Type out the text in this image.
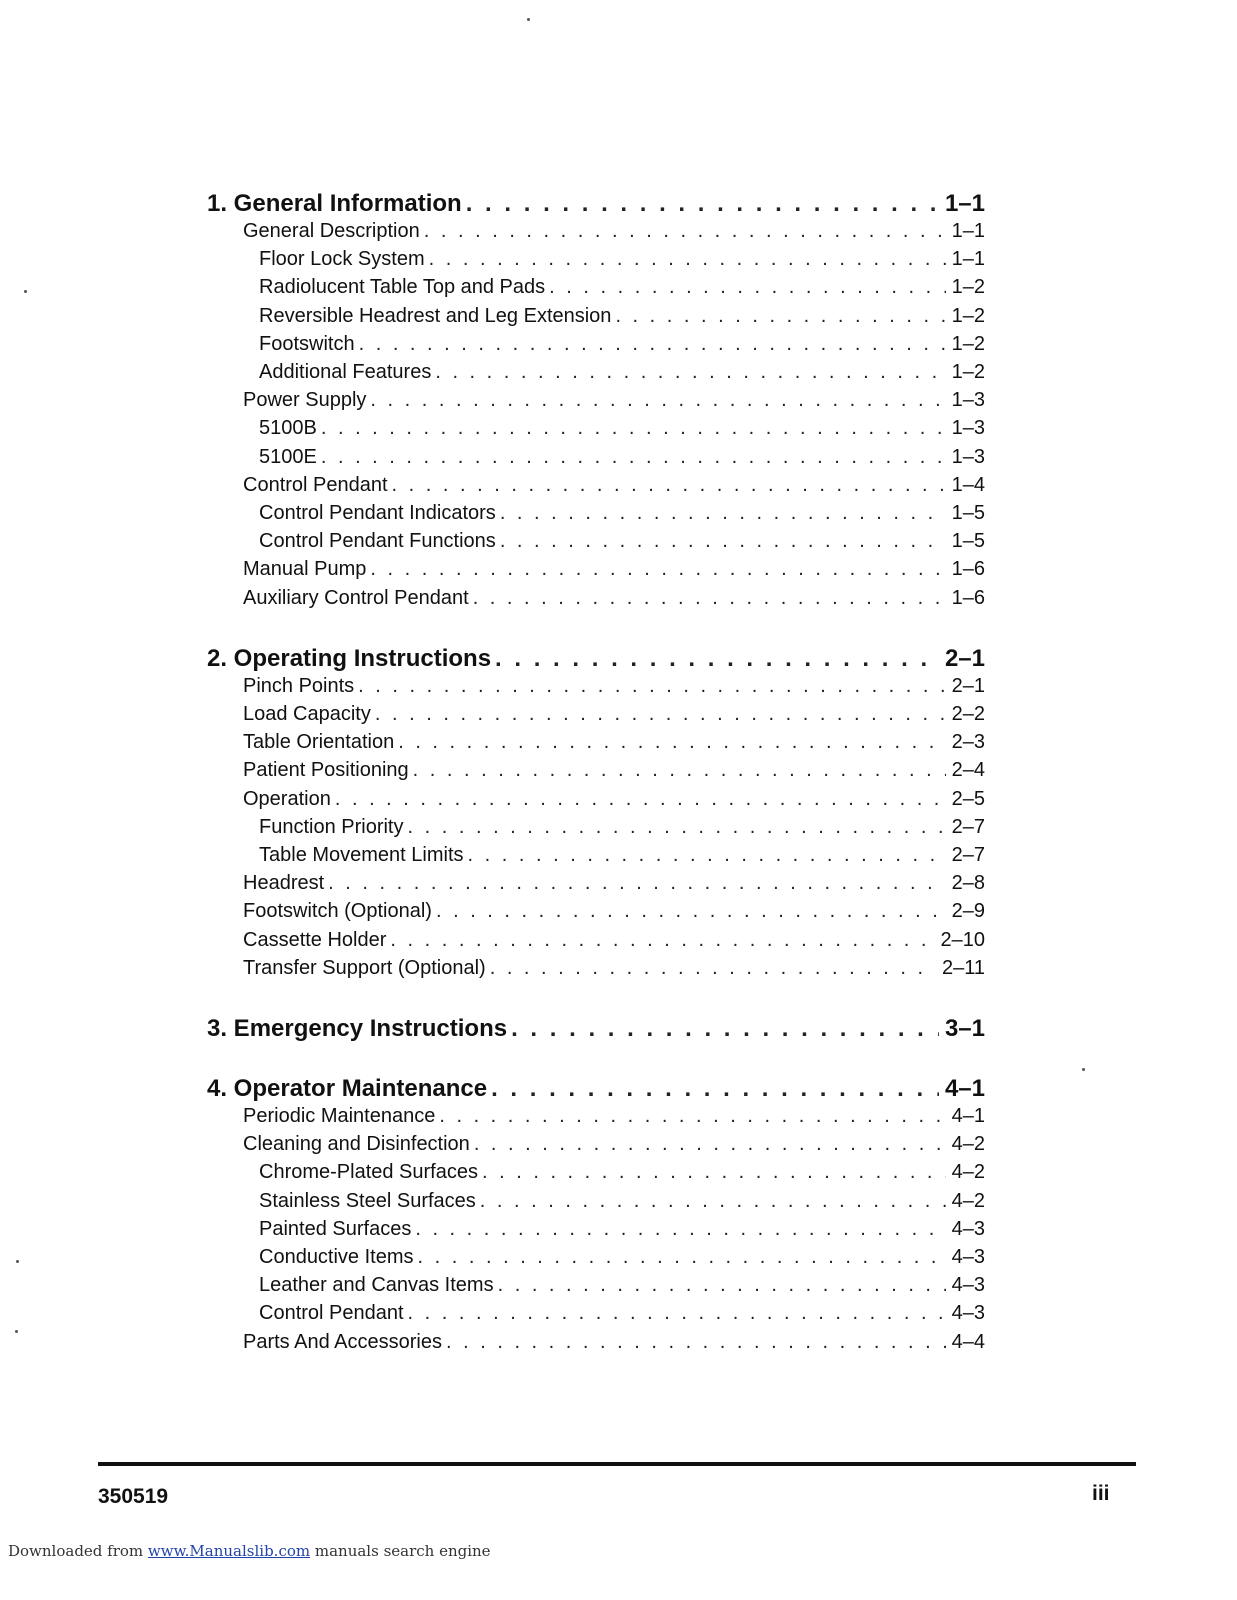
1. General Information . . .	1–1
General Description . . .	1–1
Floor Lock System . . .	1–1
Radiolucent Table Top and Pads . . .	1–2
Reversible Headrest and Leg Extension . . .	1–2
Footswitch . . .	1–2
Additional Features . . .	1–2
Power Supply . . .	1–3
5100B . . .	1–3
5100E . . .	1–3
Control Pendant . . .	1–4
Control Pendant Indicators . . .	1–5
Control Pendant Functions . . .	1–5
Manual Pump . . .	1–6
Auxiliary Control Pendant . . .	1–6
2. Operating Instructions . . .	2–1
Pinch Points . . .	2–1
Load Capacity . . .	2–2
Table Orientation . . .	2–3
Patient Positioning . . .	2–4
Operation . . .	2–5
Function Priority . . .	2–7
Table Movement Limits . . .	2–7
Headrest . . .	2–8
Footswitch (Optional) . . .	2–9
Cassette Holder . . .	2–10
Transfer Support (Optional) . . .	2–11
3. Emergency Instructions . . .	3–1
4. Operator Maintenance . . .	4–1
Periodic Maintenance . . .	4–1
Cleaning and Disinfection . . .	4–2
Chrome-Plated Surfaces . . .	4–2
Stainless Steel Surfaces . . .	4–2
Painted Surfaces . . .	4–3
Conductive Items . . .	4–3
Leather and Canvas Items . . .	4–3
Control Pendant . . .	4–3
Parts And Accessories . . .	4–4
350519	iii
Downloaded from www.Manualslib.com manuals search engine
